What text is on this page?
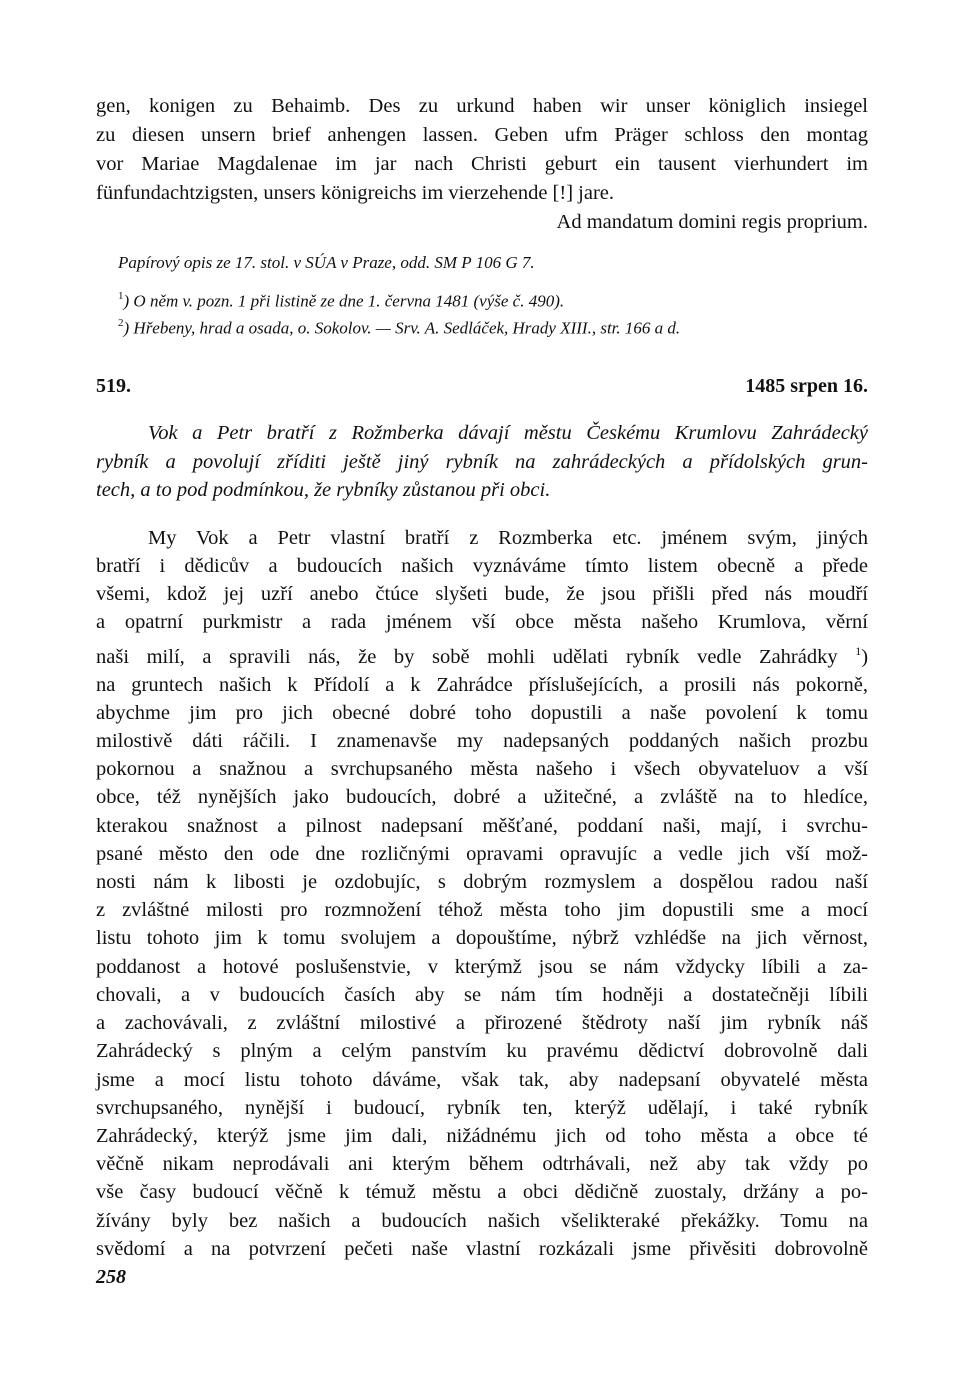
gen, konigen zu Behaimb. Des zu urkund haben wir unser königlich insiegel
zu diesen unsern brief anhengen lassen. Geben ufm Präger schloss den montag
vor Mariae Magdalenae im jar nach Christi geburt ein tausent vierhundert im
fünfundachtzigsten, unsers königreichs im vierzehende [!] jare.
Ad mandatum domini regis proprium.
Papírový opis ze 17. stol. v SÚA v Praze, odd. SM P 106 G 7.
$^1$) O něm v. pozn. 1 při listině ze dne 1. června 1481 (výše č. 490).
$^2$) Hřebeny, hrad a osada, o. Sokolov. — Srv. A. Sedláček, Hrady XIII., str. 166 a d.
519.	1485 srpen 16.
Vok a Petr bratří z Rožmberka dávají městu Českému Krumlovu Zahrádecký
rybník a povolují zříditi ještě jiný rybník na zahrádeckých a přídolských grun-
tech, a to pod podmínkou, že rybníky zůstanou při obci.
My Vok a Petr vlastní bratří z Rozmberka etc. jménem svým, jiných
bratří i dědicův a budoucích našich vyznáváme tímto listem obecně a přede
všemi, kdož jej uzří anebo čtúce slyšeti bude, že jsou přišli před nás moudří
a opatrní purkmistr a rada jménem vší obce města našeho Krumlova, věrní
naši milí, a spravili nás, že by sobě mohli udělati rybník vedle Zahrádky $^1$)
na gruntech našich k Přídolí a k Zahrádce příslušejících, a prosili nás pokorně,
abychme jim pro jich obecné dobré toho dopustili a naše povolení k tomu
milostivě dáti ráčili. I znamenavše my nadepsaných poddaných našich prozbu
pokornou a snažnou a svrchupsaného města našeho i všech obyvateluov a vší
obce, též nynějších jako budoucích, dobré a užitečné, a zvláště na to hledíce,
kterakou snažnost a pilnost nadepsaní měšťané, poddaní naši, mají, i svrchu-
psané město den ode dne rozličnými opravami opravujíc a vedle jich vší mož-
nosti nám k libosti je ozdobujíc, s dobrým rozmyslem a dospělou radou naší
z zvláštné milosti pro rozmnožení téhož města toho jim dopustili sme a mocí
listu tohoto jim k tomu svolujem a dopouštíme, nýbrž vzhlédše na jich věrnost,
poddanost a hotové poslušenstvie, v kterýmž jsou se nám vždycky líbili a za-
chovali, a v budoucích časích aby se nám tím hodněji a dostatečněji líbili
a zachovávali, z zvláštní milostivé a přirozené štědroty naší jim rybník náš
Zahrádecký s plným a celým panstvím ku pravému dědictví dobrovolně dali
jsme a mocí listu tohoto dáváme, však tak, aby nadepsaní obyvatelé města
svrchupsaného, nynější i budoucí, rybník ten, kterýž udělají, i také rybník
Zahrádecký, kterýž jsme jim dali, nižádnému jich od toho města a obce té
věčně nikam neprodávali ani kterým během odtrhávali, než aby tak vždy po
vše časy budoucí věčně k témuž městu a obci dědičně zuostaly, držány a po-
žívány byly bez našich a budoucích našich všelikteraké překážky. Tomu na
svědomí a na potvrzení pečeti naše vlastní rozkázali jsme přivěsiti dobrovolně
258
